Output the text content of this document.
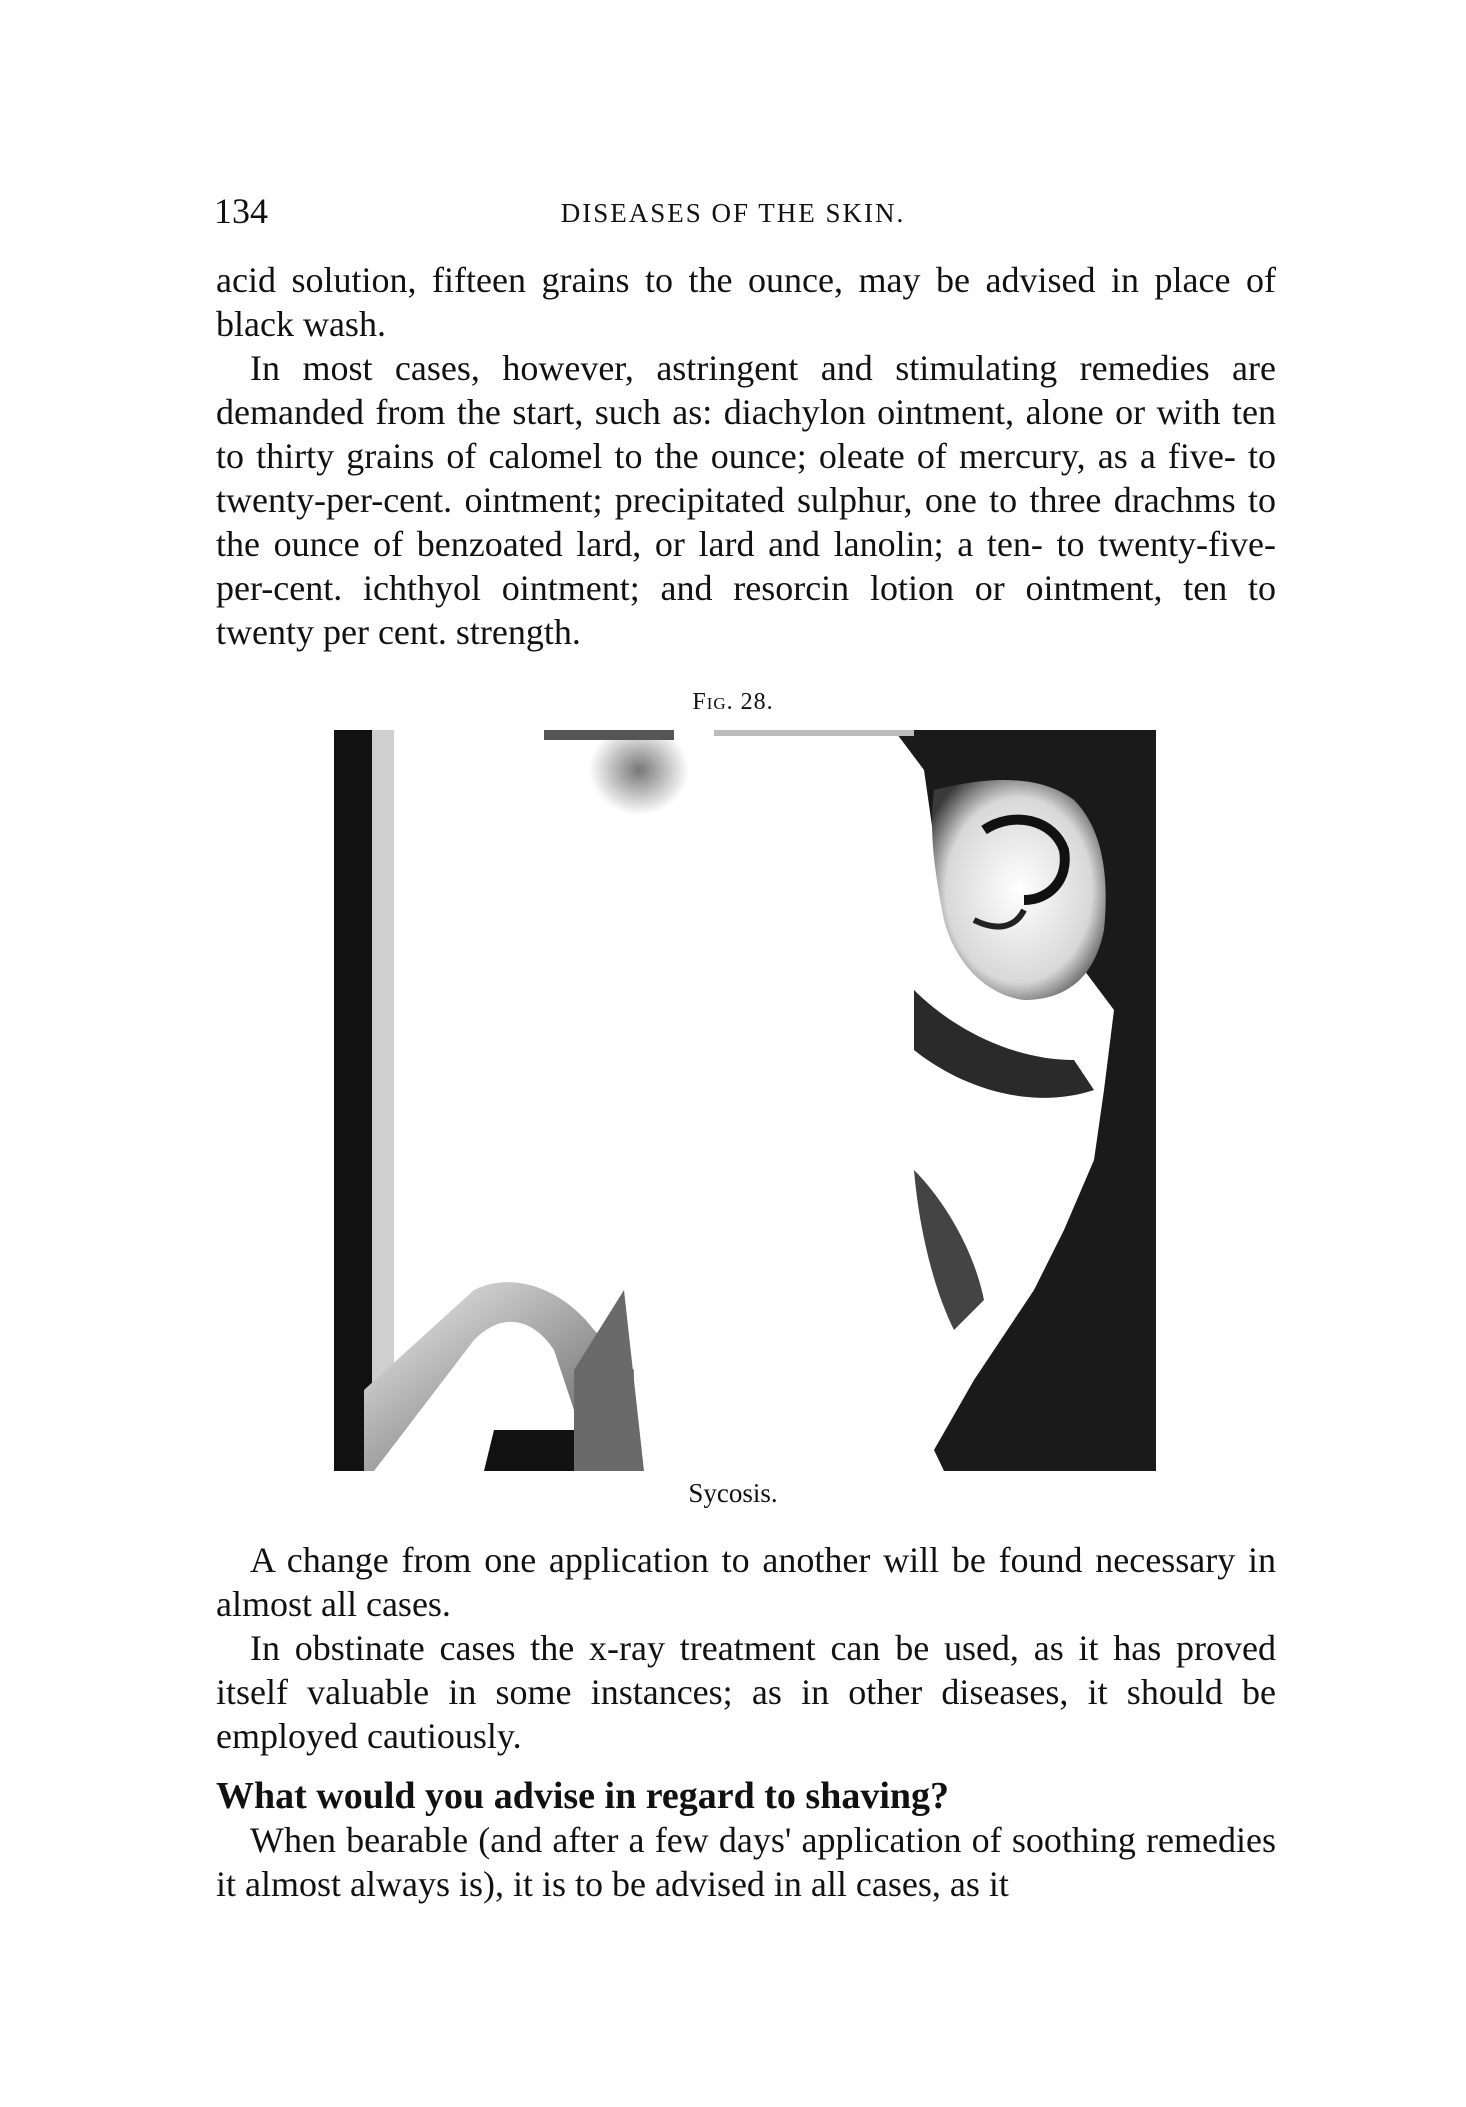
134	DISEASES OF THE SKIN.

acid solution, fifteen grains to the ounce, may be advised in place of black wash.

In most cases, however, astringent and stimulating remedies are demanded from the start, such as: diachylon ointment, alone or with ten to thirty grains of calomel to the ounce; oleate of mercury, as a five- to twenty-per-cent. ointment; precipitated sulphur, one to three drachms to the ounce of benzoated lard, or lard and lanolin; a ten- to twenty-five-per-cent. ichthyol ointment; and resorcin lotion or ointment, ten to twenty per cent. strength.

Fig. 28.
Sycosis.

A change from one application to another will be found necessary in almost all cases.

In obstinate cases the x-ray treatment can be used, as it has proved itself valuable in some instances; as in other diseases, it should be employed cautiously.

What would you advise in regard to shaving?

When bearable (and after a few days' application of soothing remedies it almost always is), it is to be advised in all cases, as it
